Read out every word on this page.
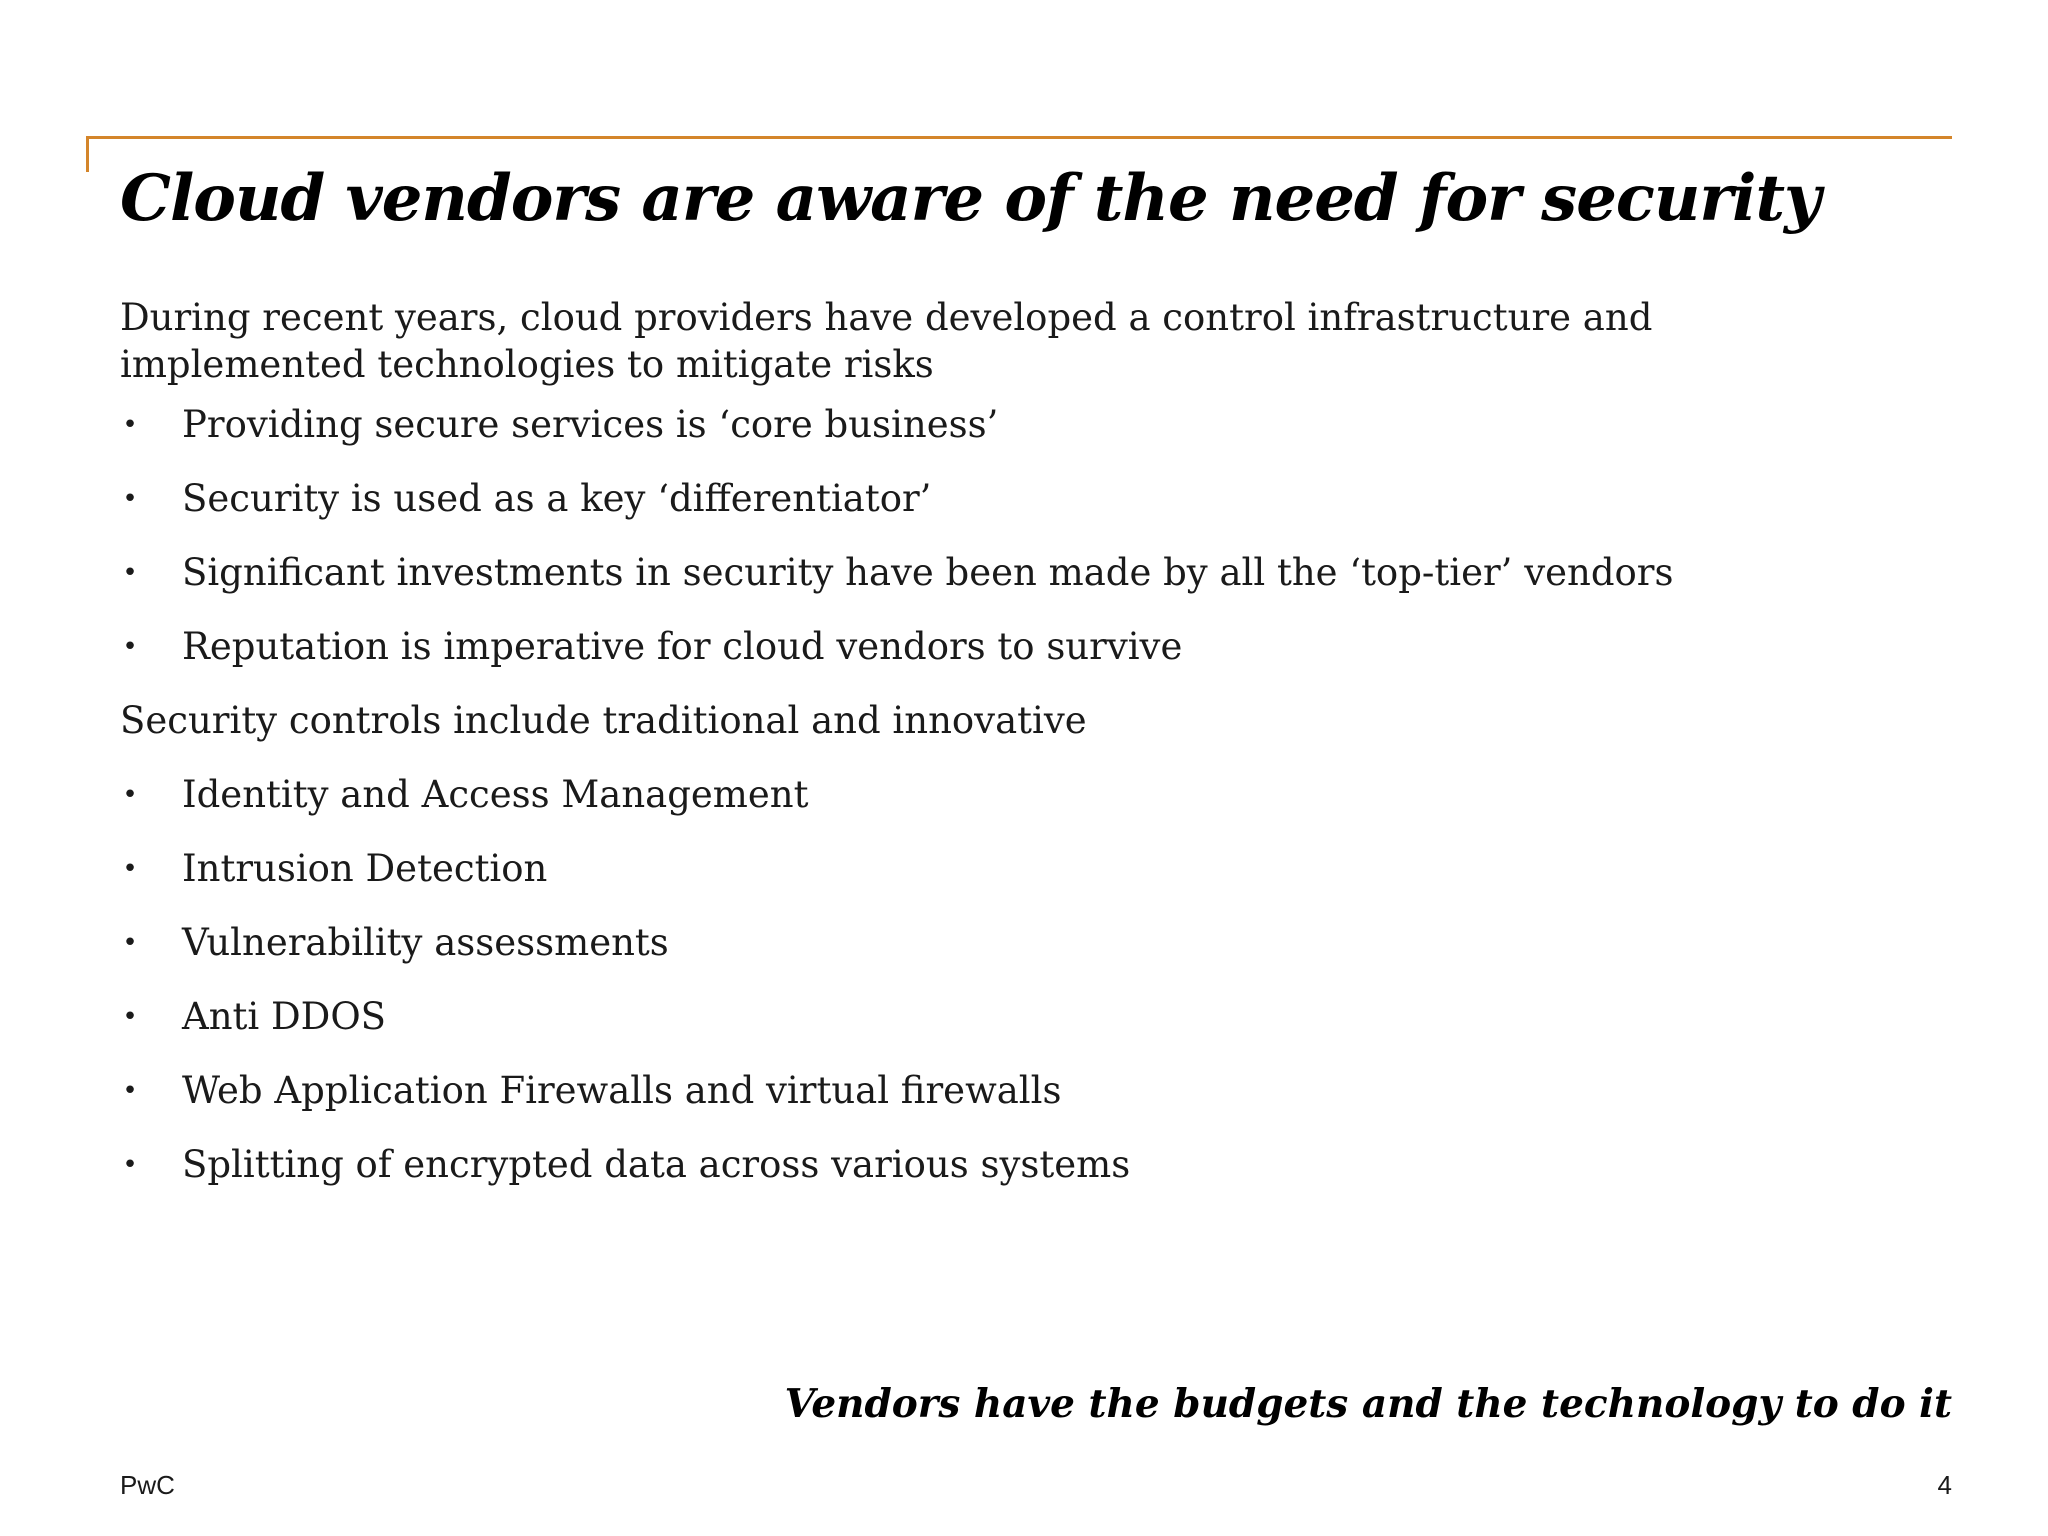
Cloud vendors are aware of the need for security

During recent years, cloud providers have developed a control infrastructure and implemented technologies to mitigate risks

• Providing secure services is ‘core business’
• Security is used as a key ‘differentiator’
• Significant investments in security have been made by all the ‘top-tier’ vendors
• Reputation is imperative for cloud vendors to survive
Security controls include traditional and innovative
• Identity and Access Management
• Intrusion Detection
• Vulnerability assessments
• Anti DDOS
• Web Application Firewalls and virtual firewalls
• Splitting of encrypted data across various systems

Vendors have the budgets and the technology to do it

PwC	4
